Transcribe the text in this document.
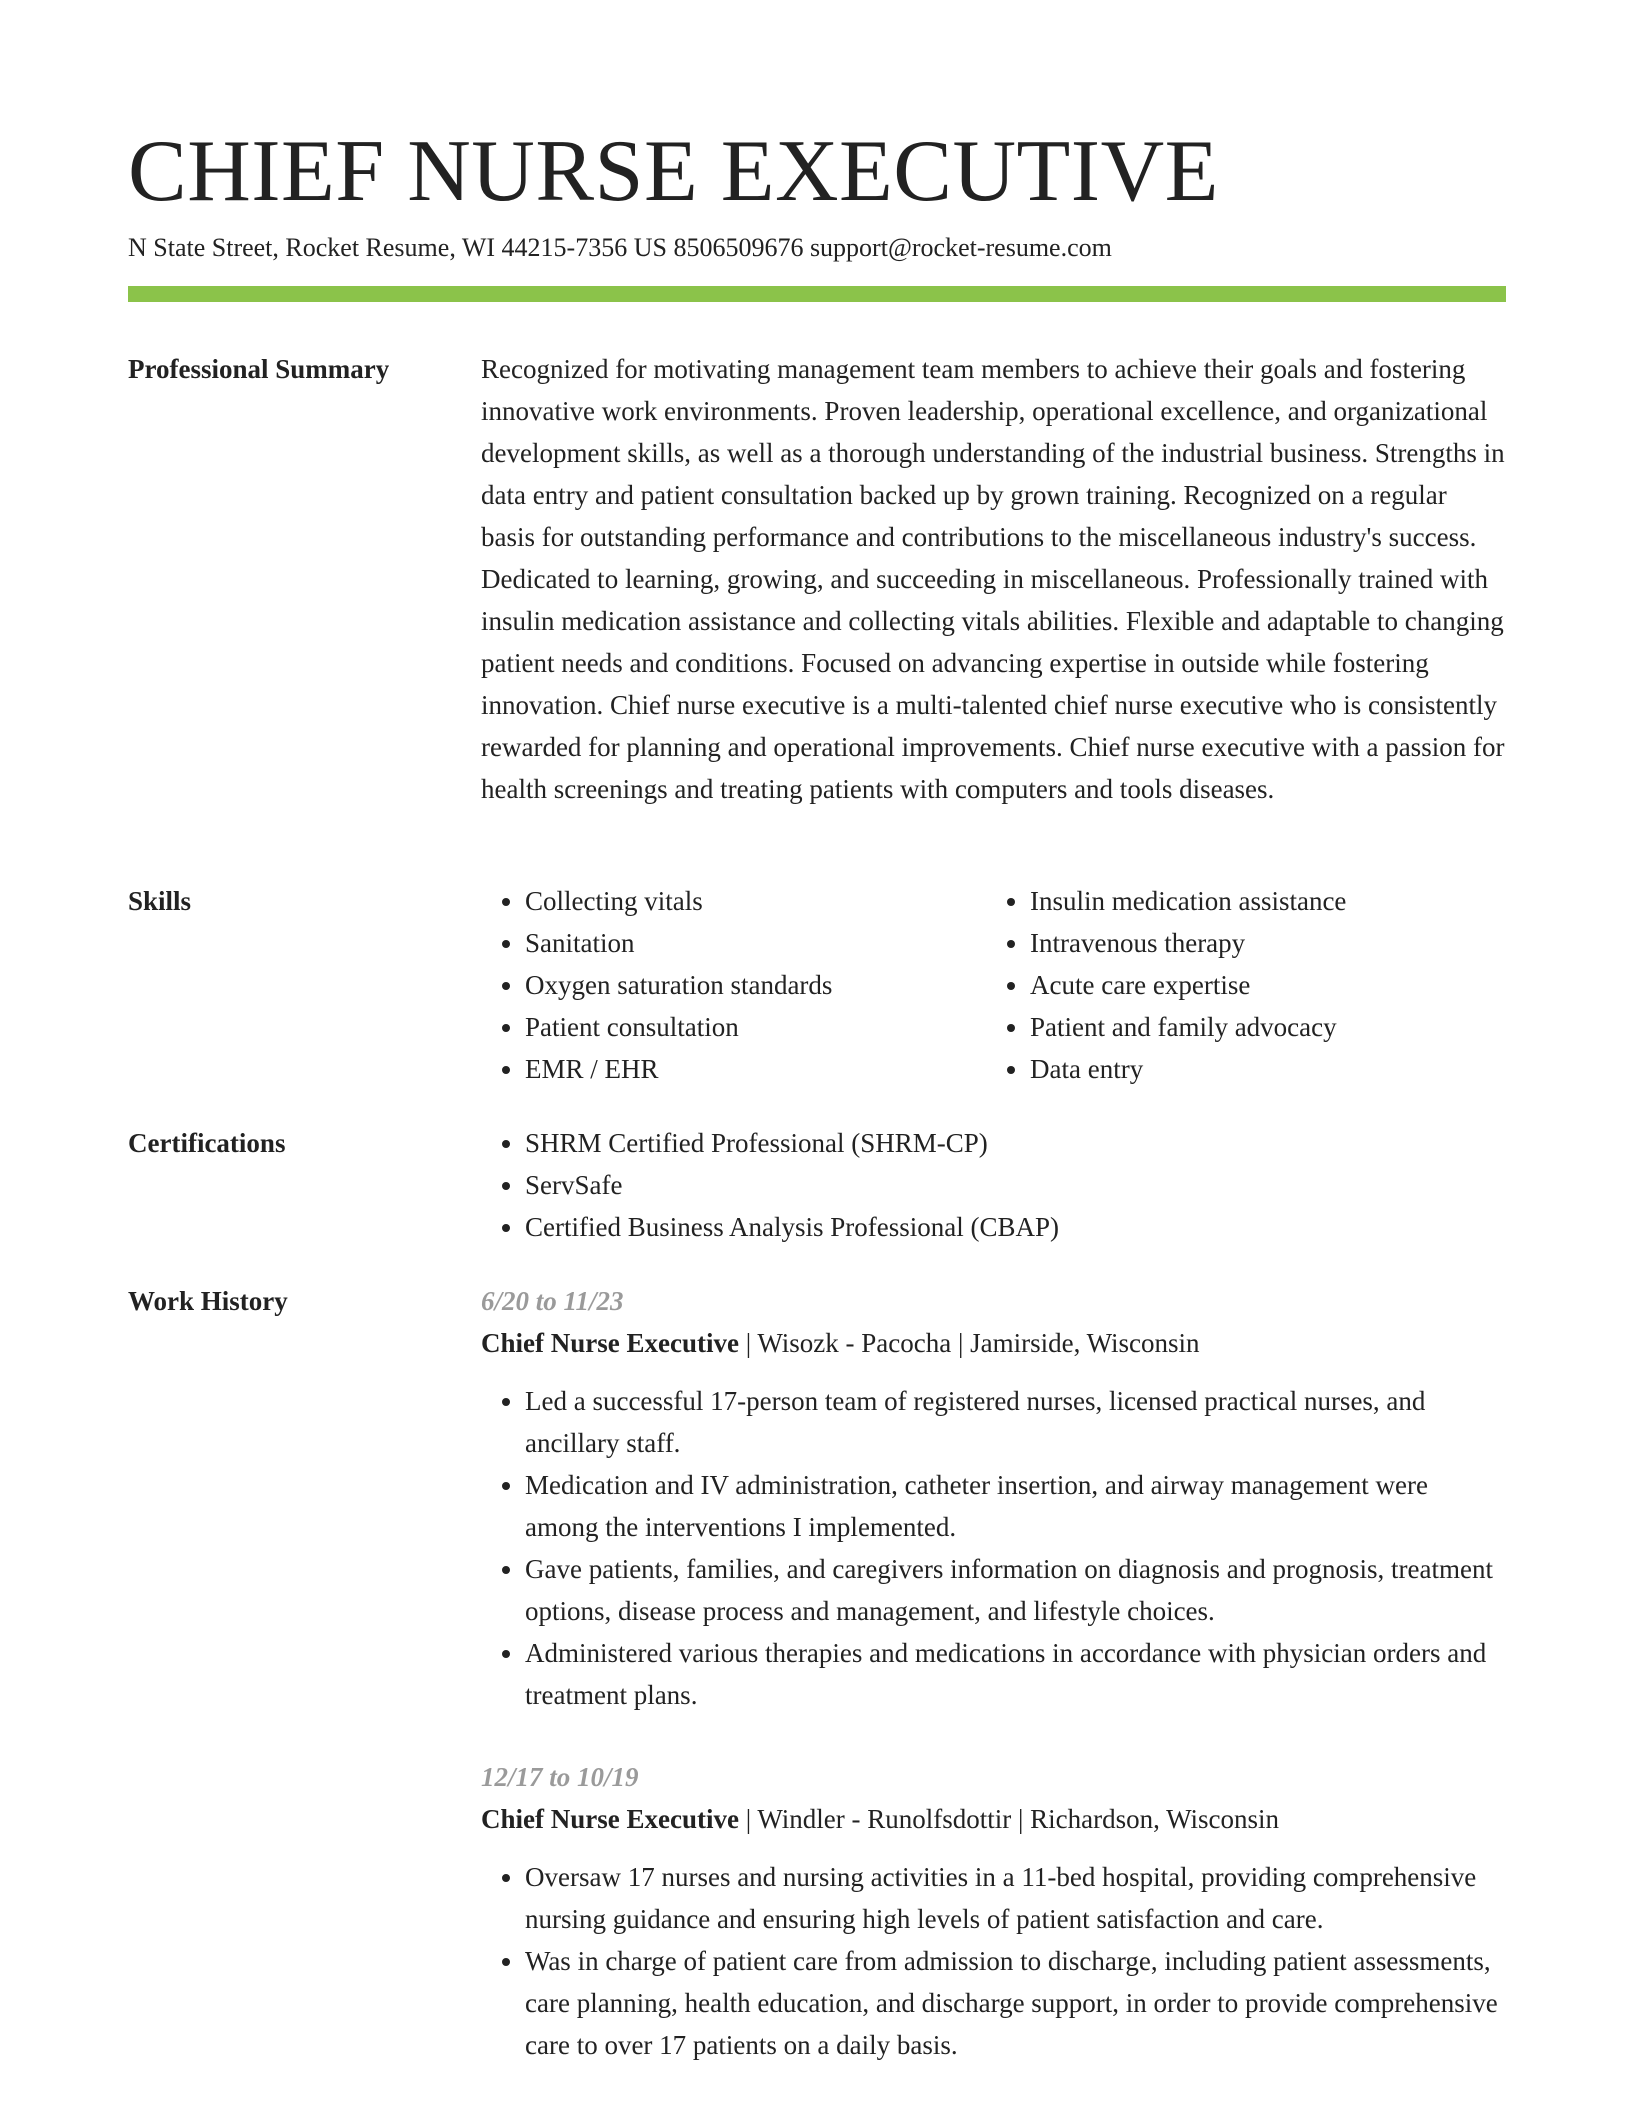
CHIEF NURSE EXECUTIVE
N State Street, Rocket Resume, WI 44215-7356 US 8506509676 support@rocket-resume.com
Professional Summary	Recognized for motivating management team members to achieve their goals and fostering innovative work environments. Proven leadership, operational excellence, and organizational development skills, as well as a thorough understanding of the industrial business. Strengths in data entry and patient consultation backed up by grown training. Recognized on a regular basis for outstanding performance and contributions to the miscellaneous industry's success. Dedicated to learning, growing, and succeeding in miscellaneous. Professionally trained with insulin medication assistance and collecting vitals abilities. Flexible and adaptable to changing patient needs and conditions. Focused on advancing expertise in outside while fostering innovation. Chief nurse executive is a multi-talented chief nurse executive who is consistently rewarded for planning and operational improvements. Chief nurse executive with a passion for health screenings and treating patients with computers and tools diseases.

Skills	• Collecting vitals
• Sanitation
• Oxygen saturation standards
• Patient consultation
• EMR / EHR
• Insulin medication assistance
• Intravenous therapy
• Acute care expertise
• Patient and family advocacy
• Data entry
Certifications	• SHRM Certified Professional (SHRM-CP)
• ServSafe
• Certified Business Analysis Professional (CBAP)
Work History	6/20 to 11/23
Chief Nurse Executive | Wisozk - Pacocha | Jamirside, Wisconsin
• Led a successful 17-person team of registered nurses, licensed practical nurses, and ancillary staff.
• Medication and IV administration, catheter insertion, and airway management were among the interventions I implemented.
• Gave patients, families, and caregivers information on diagnosis and prognosis, treatment options, disease process and management, and lifestyle choices.
• Administered various therapies and medications in accordance with physician orders and treatment plans.
12/17 to 10/19
Chief Nurse Executive | Windler - Runolfsdottir | Richardson, Wisconsin
• Oversaw 17 nurses and nursing activities in a 11-bed hospital, providing comprehensive nursing guidance and ensuring high levels of patient satisfaction and care.
• Was in charge of patient care from admission to discharge, including patient assessments, care planning, health education, and discharge support, in order to provide comprehensive care to over 17 patients on a daily basis.
